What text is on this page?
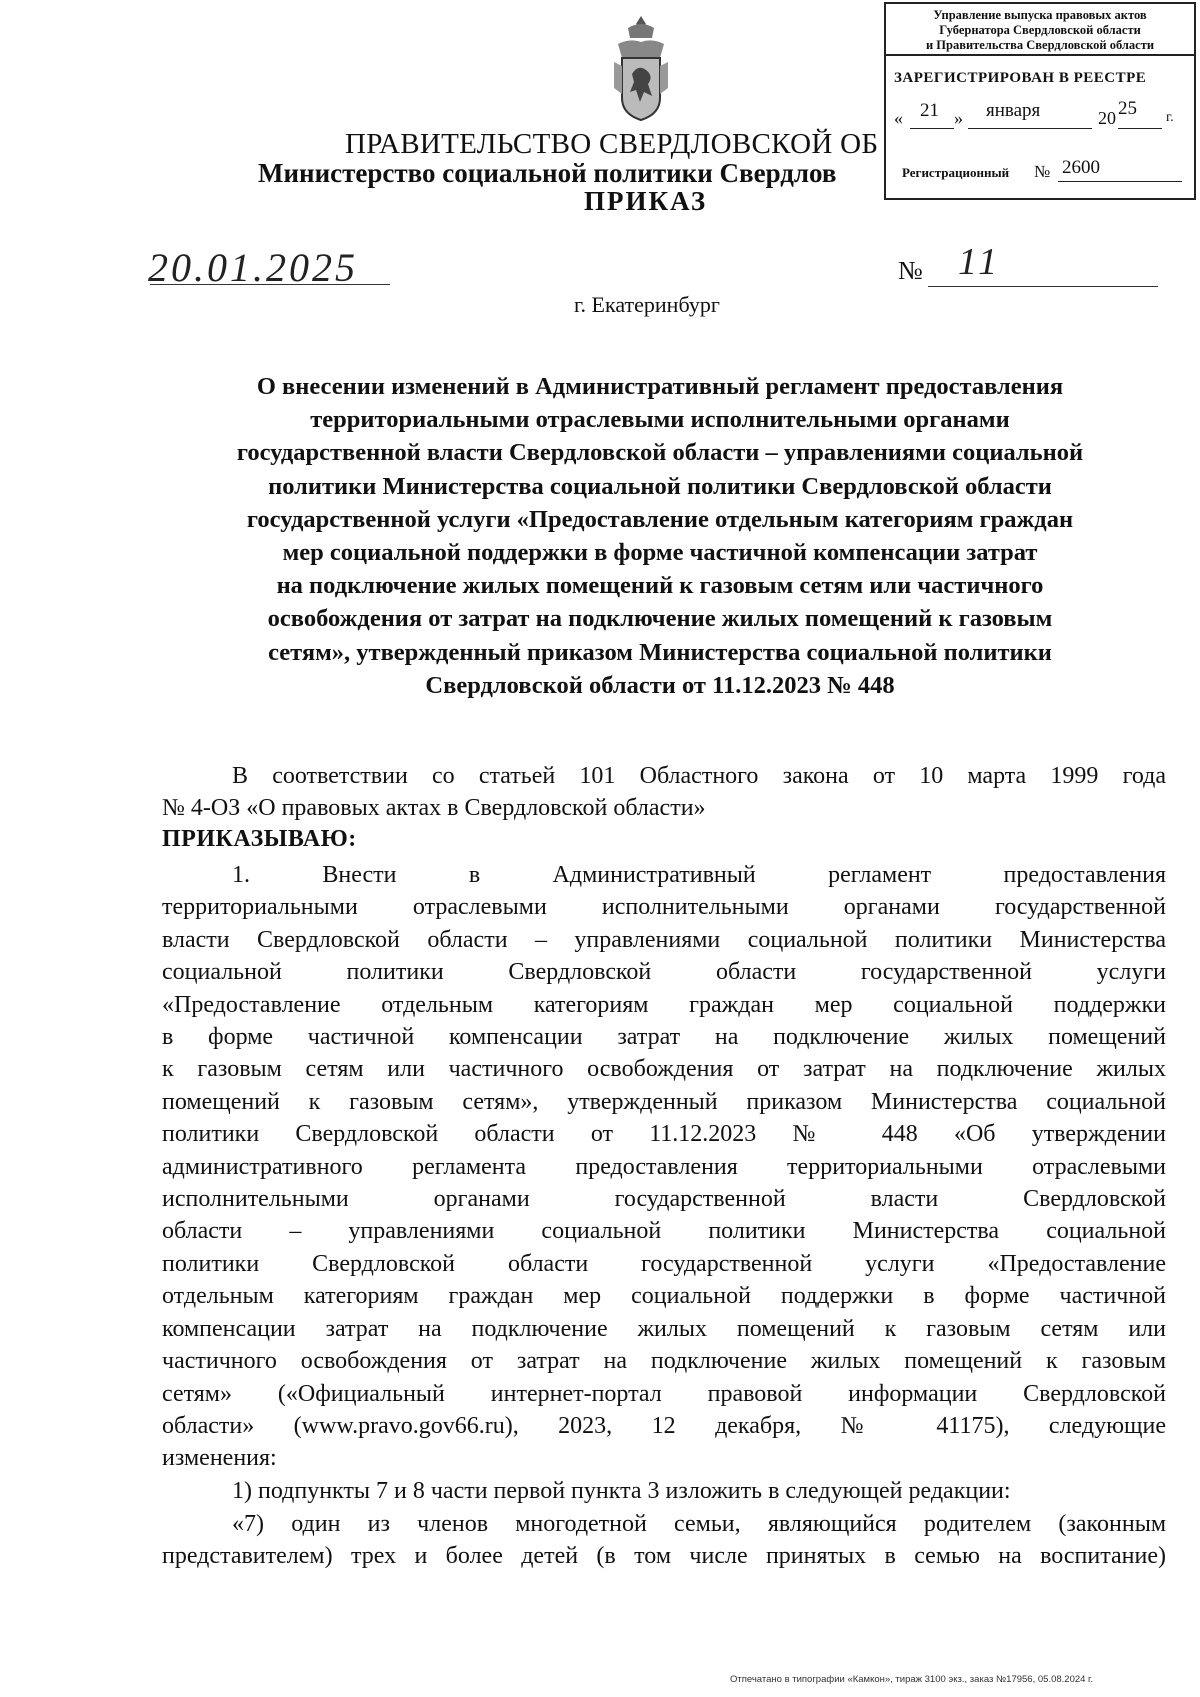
Управление выпуска правовых актов
Губернатора Свердловской области
и Правительства Свердловской области
ЗАРЕГИСТРИРОВАН В РЕЕСТРЕ
« 21 » января	20 25 г.
Регистрационный № 2600
ПРАВИТЕЛЬСТВО СВЕРДЛОВСКОЙ ОБ
Министерство социальной политики Свердлов
ПРИКАЗ
20.01.2025	№ 11
г. Екатеринбург
О внесении изменений в Административный регламент предоставления
территориальными отраслевыми исполнительными органами
государственной власти Свердловской области – управлениями социальной
политики Министерства социальной политики Свердловской области
государственной услуги «Предоставление отдельным категориям граждан
мер социальной поддержки в форме частичной компенсации затрат
на подключение жилых помещений к газовым сетям или частичного
освобождения от затрат на подключение жилых помещений к газовым
сетям», утвержденный приказом Министерства социальной политики
Свердловской области от 11.12.2023 № 448
В соответствии со статьей 101 Областного закона от 10 марта 1999 года
№ 4-ОЗ «О правовых актах в Свердловской области»
ПРИКАЗЫВАЮ:
1. Внести в Административный регламент предоставления
территориальными отраслевыми исполнительными органами государственной
власти Свердловской области – управлениями социальной политики Министерства
социальной политики Свердловской области государственной услуги
«Предоставление отдельным категориям граждан мер социальной поддержки
в форме частичной компенсации затрат на подключение жилых помещений
к газовым сетям или частичного освобождения от затрат на подключение жилых
помещений к газовым сетям», утвержденный приказом Министерства социальной
политики Свердловской области от 11.12.2023 № 448 «Об утверждении
административного регламента предоставления территориальными отраслевыми
исполнительными органами государственной власти Свердловской
области – управлениями социальной политики Министерства социальной
политики Свердловской области государственной услуги «Предоставление
отдельным категориям граждан мер социальной поддержки в форме частичной
компенсации затрат на подключение жилых помещений к газовым сетям или
частичного освобождения от затрат на подключение жилых помещений к газовым
сетям» («Официальный интернет-портал правовой информации Свердловской
области» (www.pravo.gov66.ru), 2023, 12 декабря, № 41175), следующие
изменения:
1) подпункты 7 и 8 части первой пункта 3 изложить в следующей редакции:
«7) один из членов многодетной семьи, являющийся родителем (законным
представителем) трех и более детей (в том числе принятых в семью на воспитание)
Отпечатано в типографии «Камкон», тираж 3100 экз., заказ №17956, 05.08.2024 г.
